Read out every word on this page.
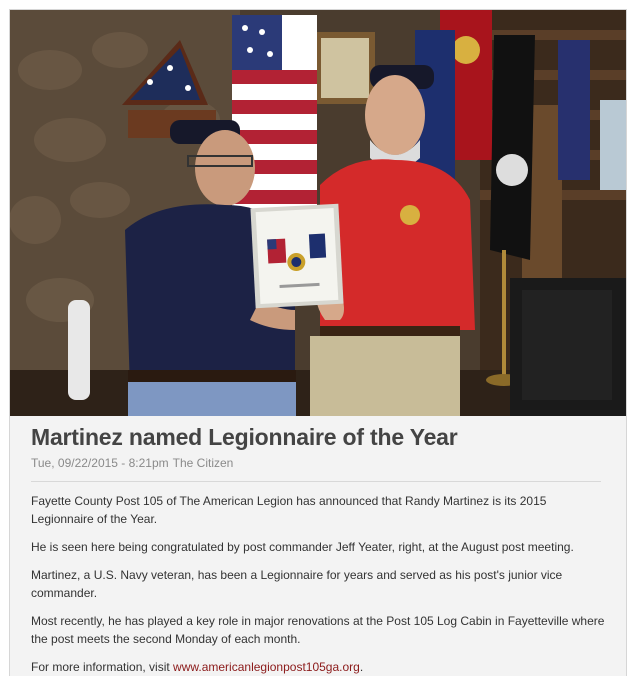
Martinez named Legionnaire of the Year
Tue, 09/22/2015 - 8:21pm The Citizen

Fayette County Post 105 of The American Legion has announced that Randy Martinez is its 2015 Legionnaire of the Year.

He is seen here being congratulated by post commander Jeff Yeater, right, at the August post meeting.

Martinez, a U.S. Navy veteran, has been a Legionnaire for years and served as his post's junior vice commander.

Most recently, he has played a key role in major renovations at the Post 105 Log Cabin in Fayetteville where the post meets the second Monday of each month.

For more information, visit www.americanlegionpost105ga.org.
